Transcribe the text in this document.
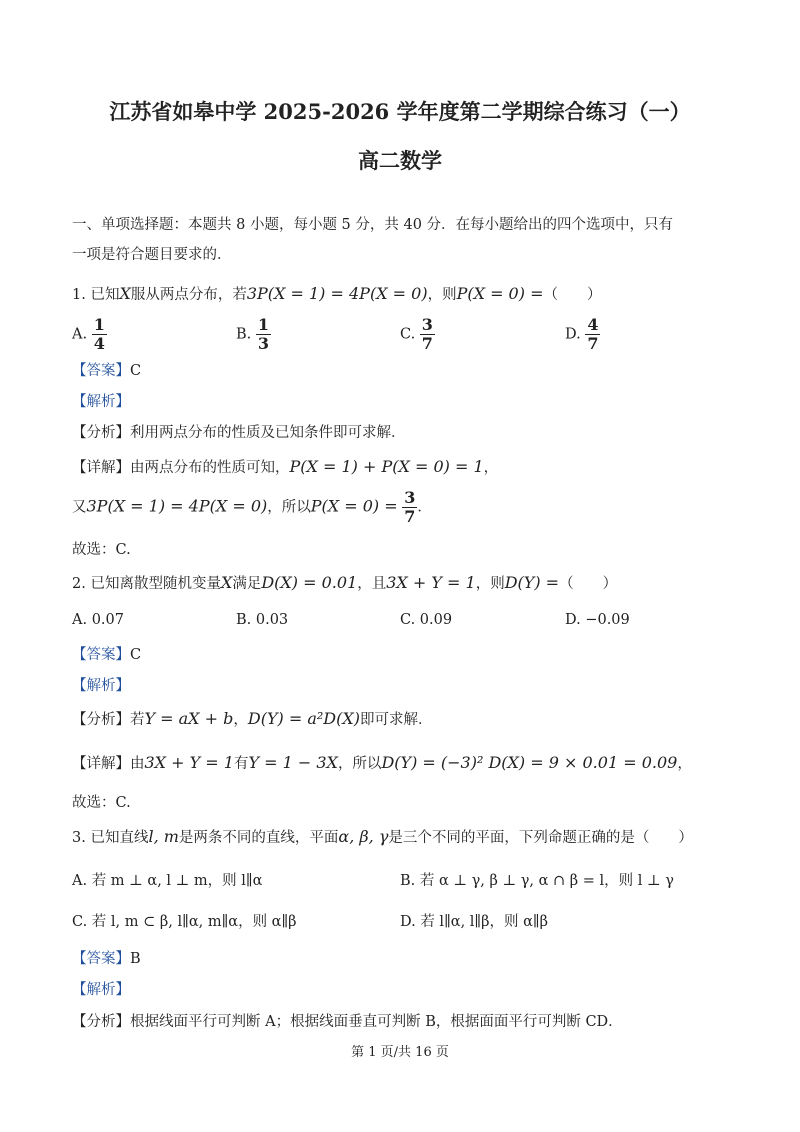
江苏省如皋中学 2025-2026 学年度第二学期综合练习（一）
高二数学
一、单项选择题：本题共 8 小题，每小题 5 分，共 40 分．在每小题给出的四个选项中，只有
一项是符合题目要求的．
1. 已知X服从两点分布，若3P(X = 1) = 4P(X = 0)，则P(X = 0) =（　　）
A. $\frac{1}{4}$	B. $\frac{1}{3}$	C. $\frac{3}{7}$	D. $\frac{4}{7}$
【答案】C
【解析】
【分析】利用两点分布的性质及已知条件即可求解．
【详解】由两点分布的性质可知，P(X = 1) + P(X = 0) = 1，
又3P(X = 1) = 4P(X = 0)，所以$P(X = 0) = \frac{3}{7}$ ．
故选：C.
2. 已知离散型随机变量X满足D(X) = 0.01，且3X + Y = 1，则D(Y) =（　　）
A. 0.07	B. 0.03	C. 0.09	D. −0.09
【答案】C
【解析】
【分析】若Y = aX + b，D(Y) = a²D(X)即可求解．
【详解】由3X + Y = 1有Y = 1 − 3X，所以D(Y) = (−3)² D(X) = 9 × 0.01 = 0.09，
故选：C.
3. 已知直线l, m是两条不同的直线，平面α, β, γ是三个不同的平面，下列命题正确的是（　　）
A. 若 m ⊥ α, l ⊥ m，则 l∥α	B. 若 α ⊥ γ, β ⊥ γ, α ∩ β = l，则 l ⊥ γ
C. 若 l, m ⊂ β, l∥α, m∥α，则 α∥β	D. 若 l∥α, l∥β，则 α∥β
【答案】B
【解析】
【分析】根据线面平行可判断 A；根据线面垂直可判断 B，根据面面平行可判断 CD．
第 1 页/共 16 页
